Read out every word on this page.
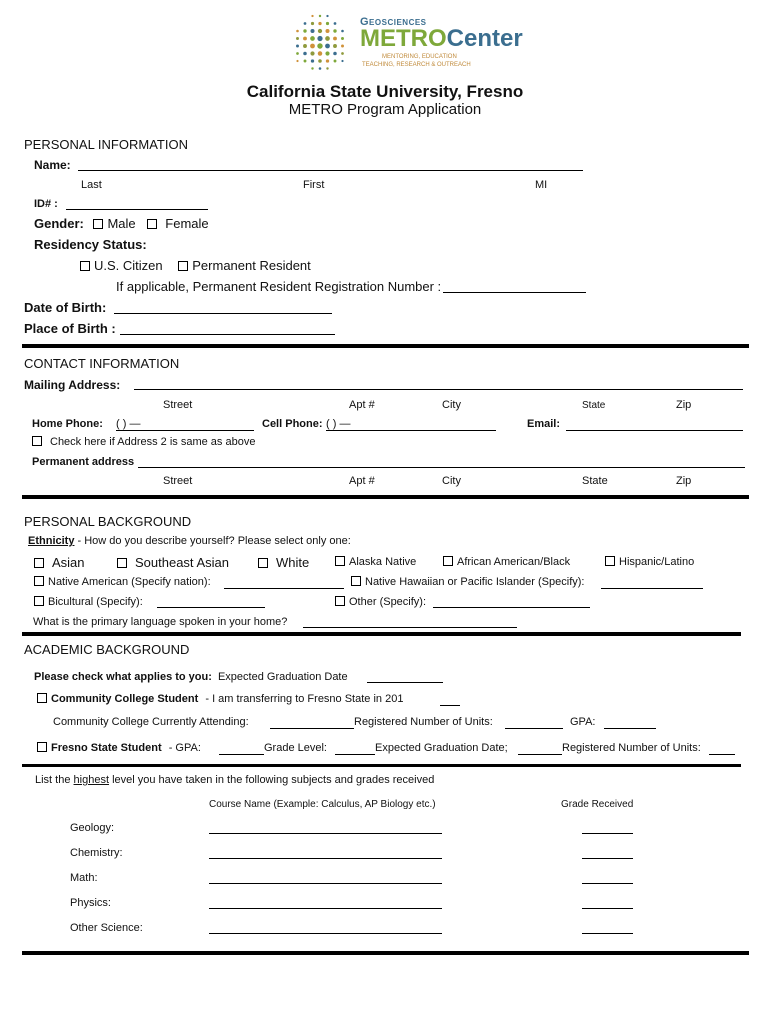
Geosciences
METROCenter
MENTORING, EDUCATION
TEACHING, RESEARCH & OUTREACH
California State University, Fresno
METRO Program Application
PERSONAL INFORMATION
Name:
Last	First	MI
ID# :
Gender: Male Female
Residency Status:
U.S. Citizen Permanent Resident
If applicable, Permanent Resident Registration Number :
Date of Birth:
Place of Birth :
CONTACT INFORMATION
Mailing Address:
Street	Apt #	City	State	Zip
Home Phone: ( ) —	Cell Phone: ( ) —	Email:
Check here if Address 2 is same as above
Permanent address
Street	Apt #	City	State	Zip
PERSONAL BACKGROUND
Ethnicity - How do you describe yourself? Please select only one:
Asian	Southeast Asian	White	Alaska Native	African American/Black	Hispanic/Latino
Native American (Specify nation):	Native Hawaiian or Pacific Islander (Specify):
Bicultural (Specify):	Other (Specify):
What is the primary language spoken in your home?
ACADEMIC BACKGROUND
Please check what applies to you: Expected Graduation Date
Community College Student - I am transferring to Fresno State in 201
Community College Currently Attending:	Registered Number of Units:	GPA:
Fresno State Student - GPA:	Grade Level:	Expected Graduation Date;	Registered Number of Units:
List the highest level you have taken in the following subjects and grades received
Course Name (Example: Calculus, AP Biology etc.)	Grade Received
Geology:
Chemistry:
Math:
Physics:
Other Science:
